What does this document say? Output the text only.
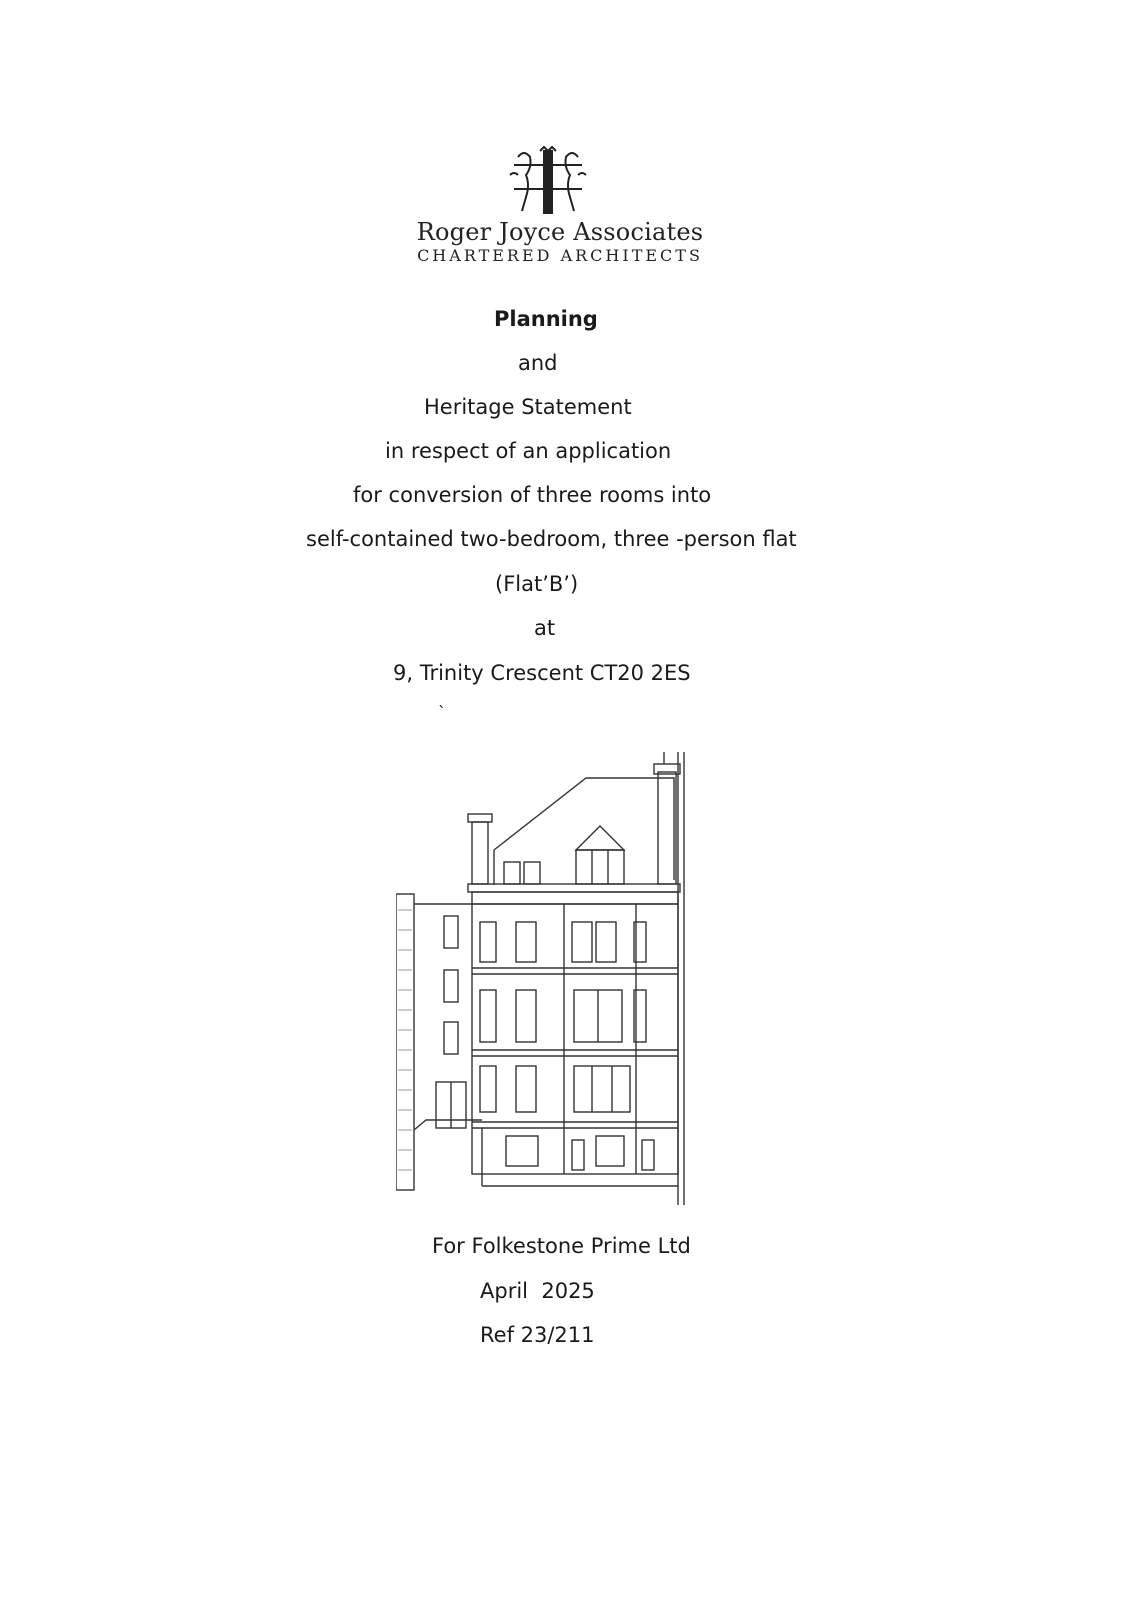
Roger Joyce Associates
CHARTERED ARCHITECTS
Planning
and
Heritage Statement
in respect of an application
for conversion of three rooms into
self-contained two-bedroom, three -person flat
(Flat’B’)
at
9, Trinity Crescent CT20 2ES
`
For Folkestone Prime Ltd
April  2025
Ref 23/211
